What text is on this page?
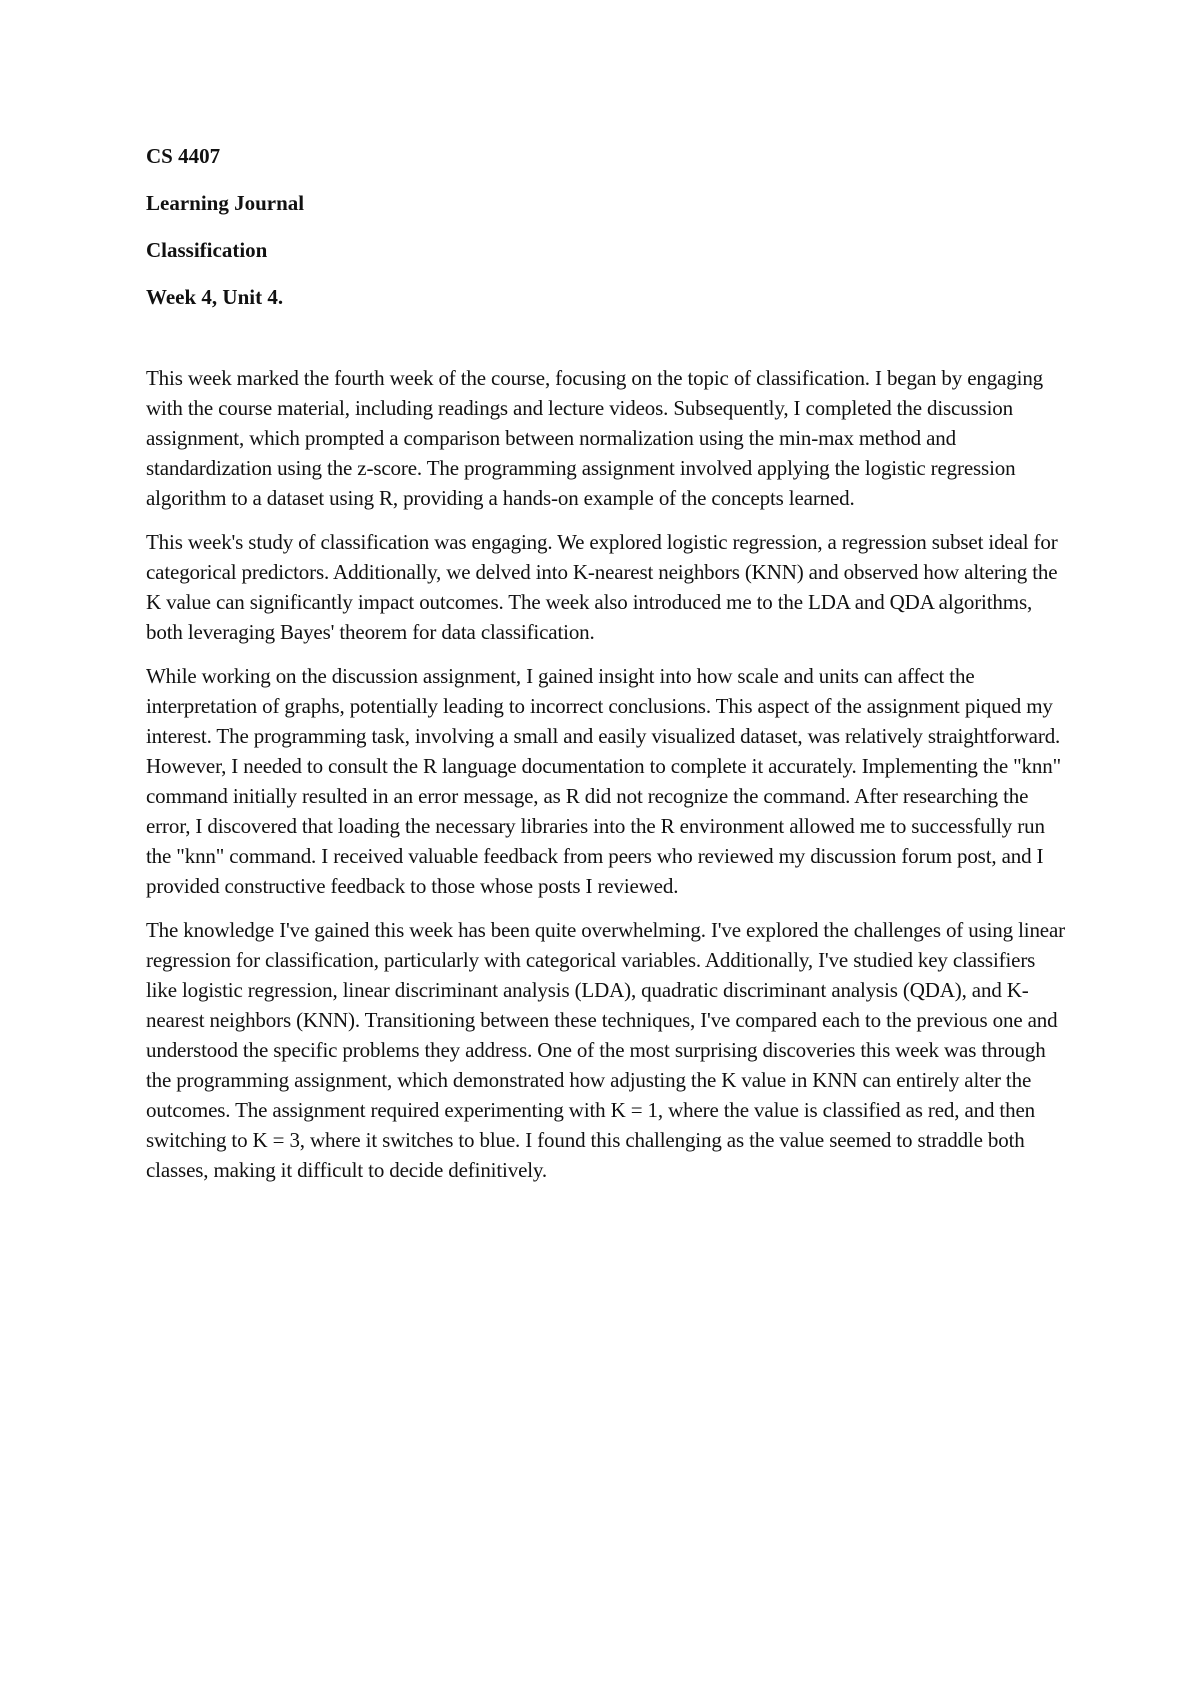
CS 4407

Learning Journal

Classification

Week 4, Unit 4.

This week marked the fourth week of the course, focusing on the topic of classification. I began by engaging with the course material, including readings and lecture videos. Subsequently, I completed the discussion assignment, which prompted a comparison between normalization using the min-max method and standardization using the z-score. The programming assignment involved applying the logistic regression algorithm to a dataset using R, providing a hands-on example of the concepts learned.

This week's study of classification was engaging. We explored logistic regression, a regression subset ideal for categorical predictors. Additionally, we delved into K-nearest neighbors (KNN) and observed how altering the K value can significantly impact outcomes. The week also introduced me to the LDA and QDA algorithms, both leveraging Bayes' theorem for data classification.

While working on the discussion assignment, I gained insight into how scale and units can affect the interpretation of graphs, potentially leading to incorrect conclusions. This aspect of the assignment piqued my interest. The programming task, involving a small and easily visualized dataset, was relatively straightforward. However, I needed to consult the R language documentation to complete it accurately. Implementing the "knn" command initially resulted in an error message, as R did not recognize the command. After researching the error, I discovered that loading the necessary libraries into the R environment allowed me to successfully run the "knn" command. I received valuable feedback from peers who reviewed my discussion forum post, and I provided constructive feedback to those whose posts I reviewed.

The knowledge I've gained this week has been quite overwhelming. I've explored the challenges of using linear regression for classification, particularly with categorical variables. Additionally, I've studied key classifiers like logistic regression, linear discriminant analysis (LDA), quadratic discriminant analysis (QDA), and K-nearest neighbors (KNN). Transitioning between these techniques, I've compared each to the previous one and understood the specific problems they address. One of the most surprising discoveries this week was through the programming assignment, which demonstrated how adjusting the K value in KNN can entirely alter the outcomes. The assignment required experimenting with K = 1, where the value is classified as red, and then switching to K = 3, where it switches to blue. I found this challenging as the value seemed to straddle both classes, making it difficult to decide definitively.
